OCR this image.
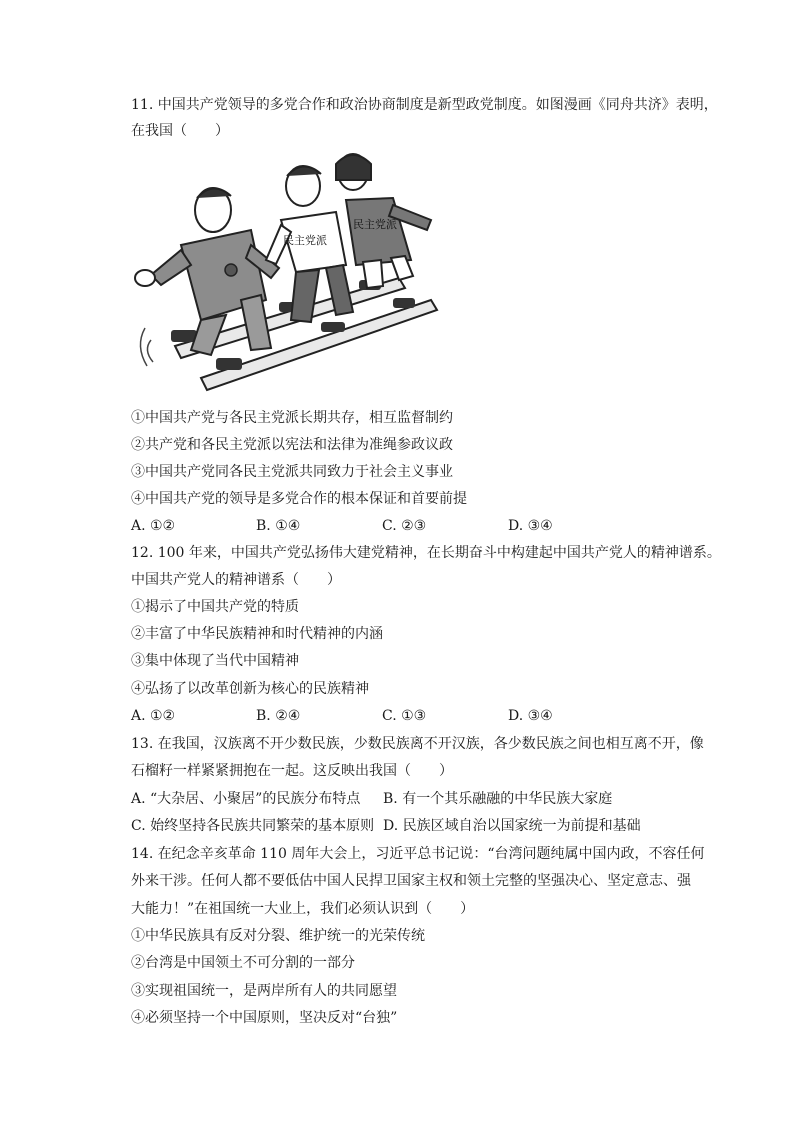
11. 中国共产党领导的多党合作和政治协商制度是新型政党制度。如图漫画《同舟共济》表明，
在我国（　　）
民主党派
民主党派
①中国共产党与各民主党派长期共存，相互监督制约
②共产党和各民主党派以宪法和法律为准绳参政议政
③中国共产党同各民主党派共同致力于社会主义事业
④中国共产党的领导是多党合作的根本保证和首要前提
A. ①②	B. ①④	C. ②③	D. ③④
12. 100 年来，中国共产党弘扬伟大建党精神，在长期奋斗中构建起中国共产党人的精神谱系。
中国共产党人的精神谱系（　　）
①揭示了中国共产党的特质
②丰富了中华民族精神和时代精神的内涵
③集中体现了当代中国精神
④弘扬了以改革创新为核心的民族精神
A. ①②	B. ②④	C. ①③	D. ③④
13. 在我国，汉族离不开少数民族，少数民族离不开汉族，各少数民族之间也相互离不开，像
石榴籽一样紧紧拥抱在一起。这反映出我国（　　）
A. “大杂居、小聚居”的民族分布特点 B. 有一个其乐融融的中华民族大家庭
C. 始终坚持各民族共同繁荣的基本原则 D. 民族区域自治以国家统一为前提和基础
14. 在纪念辛亥革命 110 周年大会上，习近平总书记说：“台湾问题纯属中国内政，不容任何
外来干涉。任何人都不要低估中国人民捍卫国家主权和领土完整的坚强决心、坚定意志、强
大能力！”在祖国统一大业上，我们必须认识到（　　）
①中华民族具有反对分裂、维护统一的光荣传统
②台湾是中国领土不可分割的一部分
③实现祖国统一，是两岸所有人的共同愿望
④必须坚持一个中国原则，坚决反对“台独”
